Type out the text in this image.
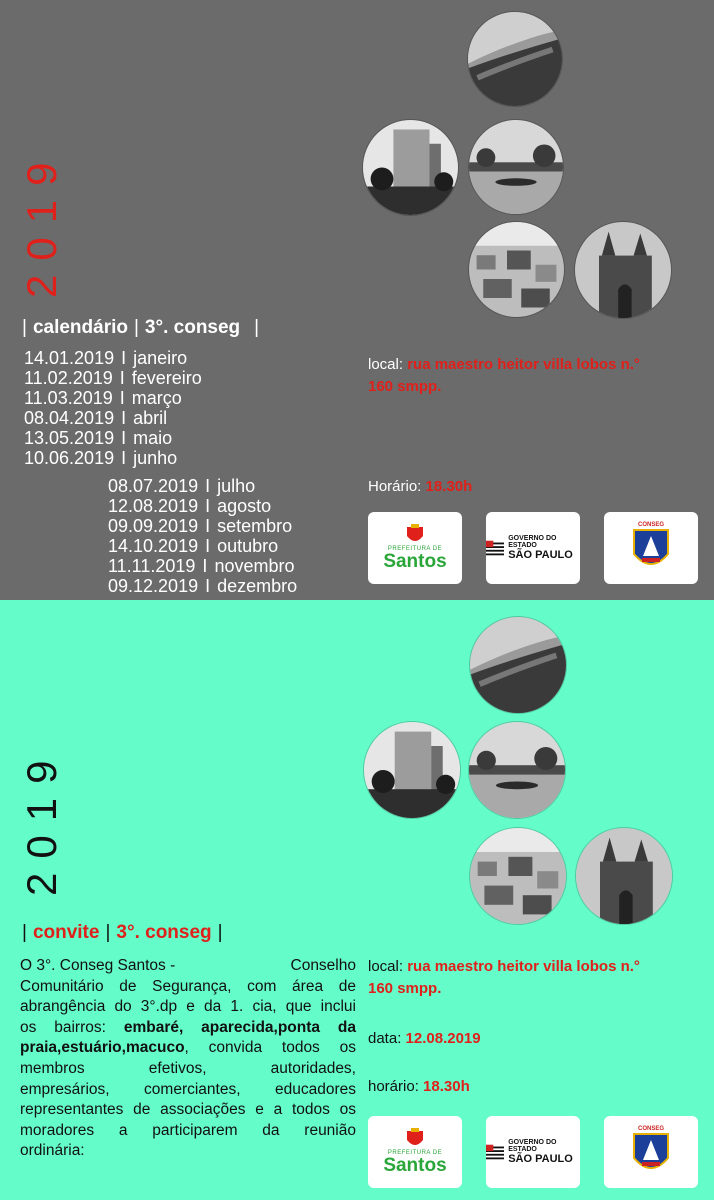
2019
| calendário | 3°. conseg |
14.01.2019 I janeiro
11.02.2019 I fevereiro
11.03.2019 I março
08.04.2019 I abril
13.05.2019 I maio
10.06.2019 I junho
08.07.2019 I julho
12.08.2019 I agosto
09.09.2019 I setembro
14.10.2019 I outubro
11.11.2019 I novembro
09.12.2019 I dezembro
local: rua maestro heitor villa lobos n.°
160 smpp.
Horário: 18.30h
PREFEITURA DE
Santos
GOVERNO DO ESTADO
SÃO PAULO
CONSEG
2019
| convite | 3°. conseg |
O 3°. Conseg Santos -	Conselho
Comunitário de Segurança, com área de
abrangência do 3°.dp e da 1. cia, que inclui
os bairros: embaré, aparecida,ponta da
praia,estuário,macuco, convida todos os
membros efetivos, autoridades,
empresários, comerciantes, educadores
representantes de associações e a todos os
moradores a participarem da reunião
ordinária:
local: rua maestro heitor villa lobos n.°
160 smpp.
data: 12.08.2019
horário: 18.30h
PREFEITURA DE
Santos
GOVERNO DO ESTADO
SÃO PAULO
CONSEG
